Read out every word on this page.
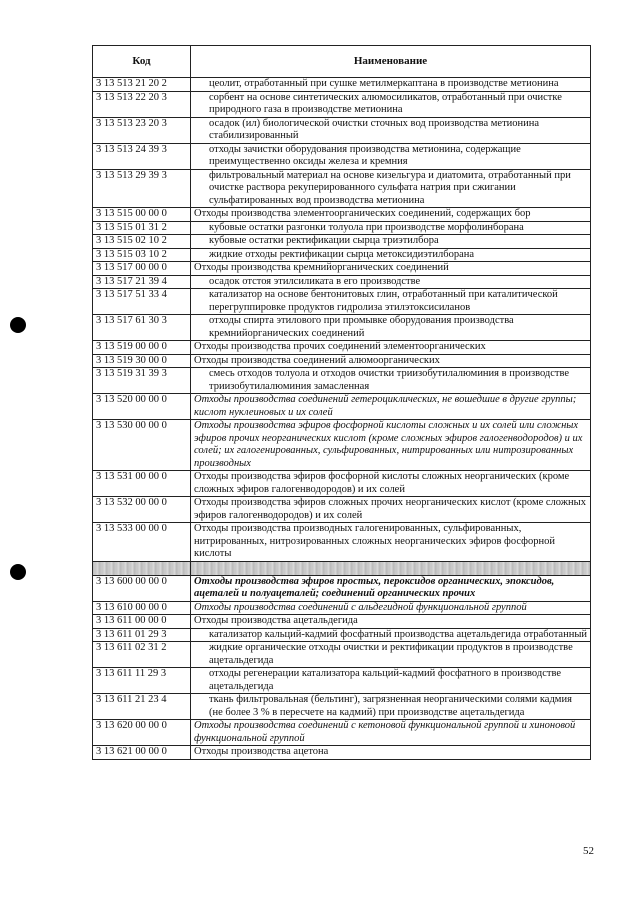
Код	Наименование
3 13 513 21 20 2	цеолит, отработанный при сушке метилмеркаптана в производстве метионина
3 13 513 22 20 3	сорбент на основе синтетических алюмосиликатов, отработанный при очистке природного газа в производстве метионина
3 13 513 23 20 3	осадок (ил) биологической очистки сточных вод производства метионина стабилизированный
3 13 513 24 39 3	отходы зачистки оборудования производства метионина, содержащие преимущественно оксиды железа и кремния
3 13 513 29 39 3	фильтровальный материал на основе кизельгура и диатомита, отработанный при очистке раствора рекуперированного сульфата натрия при сжигании сульфатированных вод производства метионина
3 13 515 00 00 0	Отходы производства элементоорганических соединений, содержащих бор
3 13 515 01 31 2	кубовые остатки разгонки толуола при производстве морфолинборана
3 13 515 02 10 2	кубовые остатки ректификации сырца триэтилбора
3 13 515 03 10 2	жидкие отходы ректификации сырца метоксидиэтилборана
3 13 517 00 00 0	Отходы производства кремнийорганических соединений
3 13 517 21 39 4	осадок отстоя этилсиликата в его производстве
3 13 517 51 33 4	катализатор на основе бентонитовых глин, отработанный при каталитической перегруппировке продуктов гидролиза этилэтоксисиланов
3 13 517 61 30 3	отходы спирта этилового при промывке оборудования производства кремнийорганических соединений
3 13 519 00 00 0	Отходы производства прочих соединений элементоорганических
3 13 519 30 00 0	Отходы производства соединений алюмоорганических
3 13 519 31 39 3	смесь отходов толуола и отходов очистки триизобутилалюминия в производстве триизобутилалюминия замасленная
3 13 520 00 00 0	Отходы производства соединений гетероциклических, не вошедшие в другие группы; кислот нуклеиновых и их солей
3 13 530 00 00 0	Отходы производства эфиров фосфорной кислоты сложных и их солей или сложных эфиров прочих неорганических кислот (кроме сложных эфиров галогенводородов) и их солей; их галогенированных, сульфированных, нитрированных или нитрозированных производных
3 13 531 00 00 0	Отходы производства эфиров фосфорной кислоты сложных неорганических (кроме сложных эфиров галогенводородов) и их солей
3 13 532 00 00 0	Отходы производства эфиров сложных прочих неорганических кислот (кроме сложных эфиров галогенводородов) и их солей
3 13 533 00 00 0	Отходы производства производных галогенированных, сульфированных, нитрированных, нитрозированных сложных неорганических эфиров фосфорной кислоты

3 13 600 00 00 0	Отходы производства эфиров простых, пероксидов органических, эпоксидов, ацеталей и полуацеталей; соединений органических прочих
3 13 610 00 00 0	Отходы производства соединений с альдегидной функциональной группой
3 13 611 00 00 0	Отходы производства ацетальдегида
3 13 611 01 29 3	катализатор кальций-кадмий фосфатный производства ацетальдегида отработанный
3 13 611 02 31 2	жидкие органические отходы очистки и ректификации продуктов в производстве ацетальдегида
3 13 611 11 29 3	отходы регенерации катализатора кальций-кадмий фосфатного в производстве ацетальдегида
3 13 611 21 23 4	ткань фильтровальная (бельтинг), загрязненная неорганическими солями кадмия (не более 3 % в пересчете на кадмий) при производстве ацетальдегида
3 13 620 00 00 0	Отходы производства соединений с кетоновой функциональной группой и хиноновой функциональной группой
3 13 621 00 00 0	Отходы производства ацетона
52
